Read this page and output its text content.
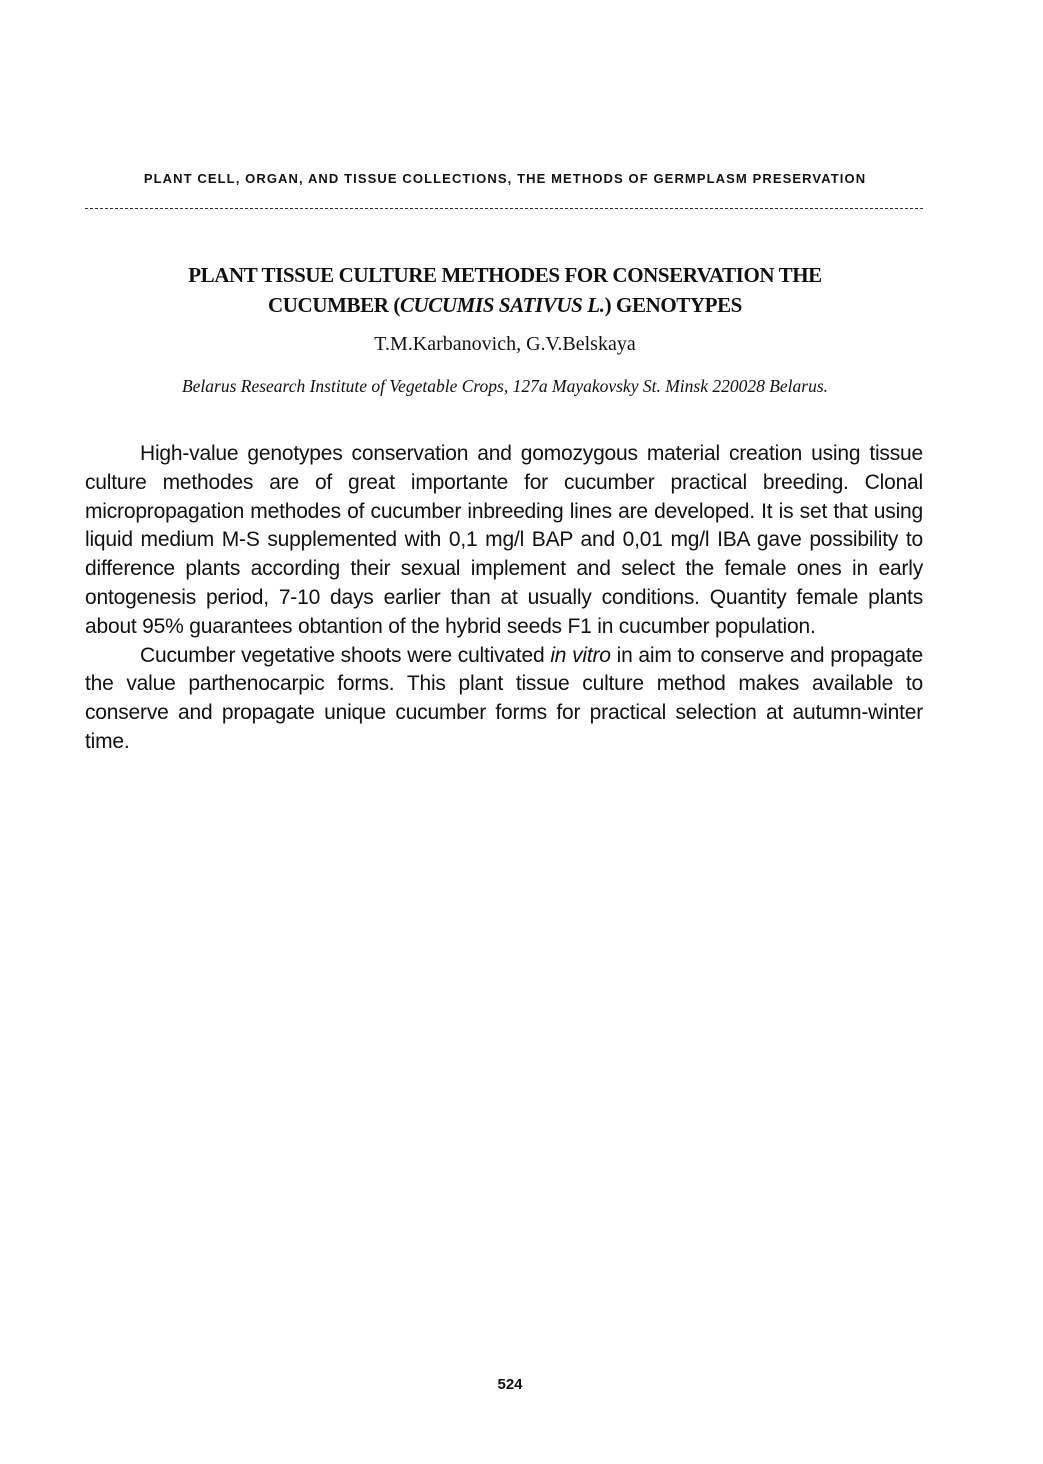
PLANT CELL, ORGAN, AND TISSUE COLLECTIONS, THE METHODS OF GERMPLASM PRESERVATION
PLANT TISSUE CULTURE METHODES FOR CONSERVATION THE
CUCUMBER (CUCUMIS SATIVUS L.) GENOTYPES
T.M.Karbanovich, G.V.Belskaya
Belarus Research Institute of Vegetable Crops, 127a Mayakovsky St. Minsk 220028 Belarus.

High-value genotypes conservation and gomozygous material creation using tissue culture methodes are of great importante for cucumber practical breeding. Clonal micropropagation methodes of cucumber inbreeding lines are developed. It is set that using liquid medium M-S supplemented with 0,1 mg/l BAP and 0,01 mg/l IBA gave possibility to difference plants according their sexual implement and select the female ones in early ontogenesis period, 7-10 days earlier than at usually conditions. Quantity female plants about 95% guarantees obtantion of the hybrid seeds F1 in cucumber population.

Cucumber vegetative shoots were cultivated in vitro in aim to conserve and propagate the value parthenocarpic forms. This plant tissue culture method makes available to conserve and propagate unique cucumber forms for practical selection at autumn-winter time.

524
